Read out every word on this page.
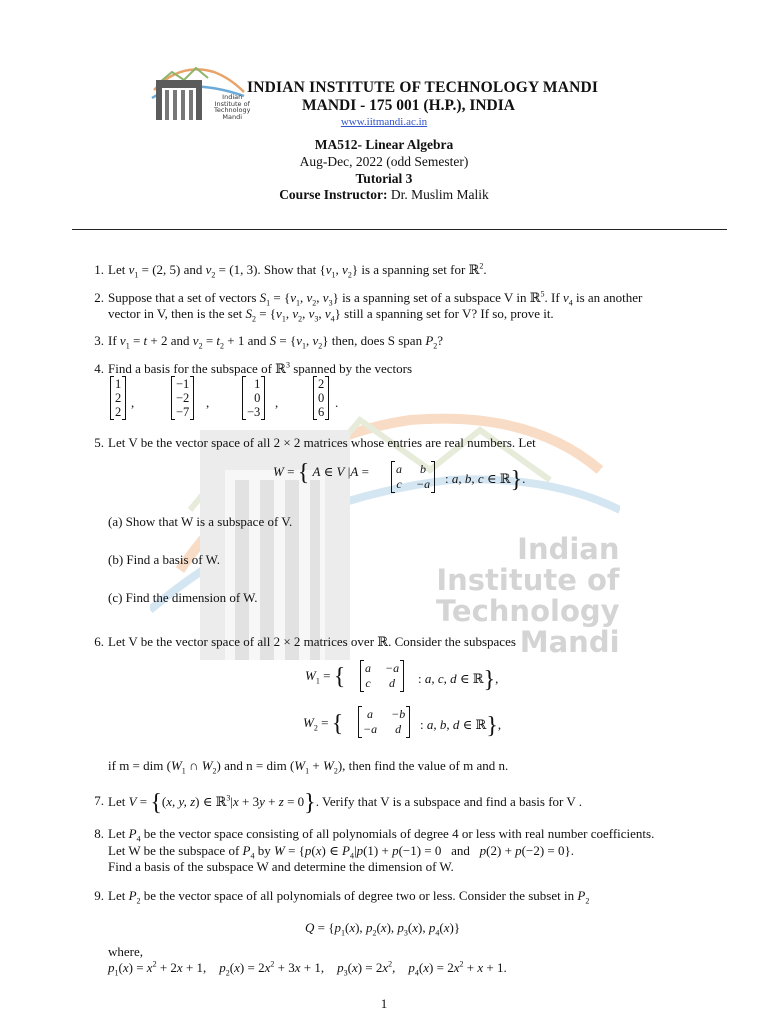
Indian
Institute of
Technology
Mandi
Indian
Institute of
Technology
Mandi
INDIAN INSTITUTE OF TECHNOLOGY MANDI
MANDI - 175 001 (H.P.), INDIA
www.iitmandi.ac.in
MA512- Linear Algebra
Aug-Dec, 2022 (odd Semester)
Tutorial 3
Course Instructor: Dr. Muslim Malik
1. Let $v_1 = (2$, 5) and $v_2 = (1$, 3). Show that {$v_1$, $v_2$} is a spanning set for ℝ$^2$.
2. Suppose that a set of vectors $S_1 = \{v_1$, $v_2$, $v_3$} is a spanning set of a subspace V in ℝ$^5$. If $v_4$ is an another
vector in V, then is the set $S_2 = \{v_1$, $v_2$, $v_3$, $v_4$} still a spanning set for V? If so, prove it.
3. If $v_1 = t + 2$ and $v_2 = t_2 + 1$ and $S = \{v_1$, $v_2$} then, does S span $P_2$?
4. Find a basis for the subspace of ℝ$^3$ spanned by the vectors
1
2
2
,
−1
−2
−7
,
1
0
−3
,
2
0
6
.
5. Let V be the vector space of all 2 × 2 matrices whose entries are real numbers. Let
W = { A ∈ V |A = a	b
c −a : a, b, c ∈ ℝ}.
(a) Show that W is a subspace of V.
(b) Find a basis of W.
(c) Find the dimension of W.
6. Let V be the vector space of all 2 × 2 matrices over ℝ. Consider the subspaces
$W_1$ = { a −a
c	d	: a, c, d ∈ ℝ},
$W_2$ = {	a	−b
−a	d	: a, b, d ∈ ℝ},
if m = dim ($W_1$ ∩ $W_2$) and n = dim $(W_1 + W_2)$, then find the value of m and n.
7. Let V = {(x, y, z) ∈ ℝ$^3$|x + 3y + z = 0}. Verify that V is a subspace and find a basis for V .
8. Let $P_4$ be the vector space consisting of all polynomials of degree 4 or less with real number coefficients.
Let W be the subspace of $P_4$ by W = {p(x) ∈ $P_4|p(1) + p(-1) = 0$   and p(2) + p(−2) = 0}.
Find a basis of the subspace W and determine the dimension of W.
9. Let $P_2$ be the vector space of all polynomials of degree two or less. Consider the subset in $P_2$
$Q = \{p_1(x)$, $p_2(x)$, $p_3(x)$, $p_4(x)$}
where,
$p_1(x) = x^2 + 2x + 1$,    $p_2(x) = 2x^2 + 3x + 1$,    $p_3(x) = 2x^2$,    $p_4(x) = 2x^2 + x + 1$.
1
